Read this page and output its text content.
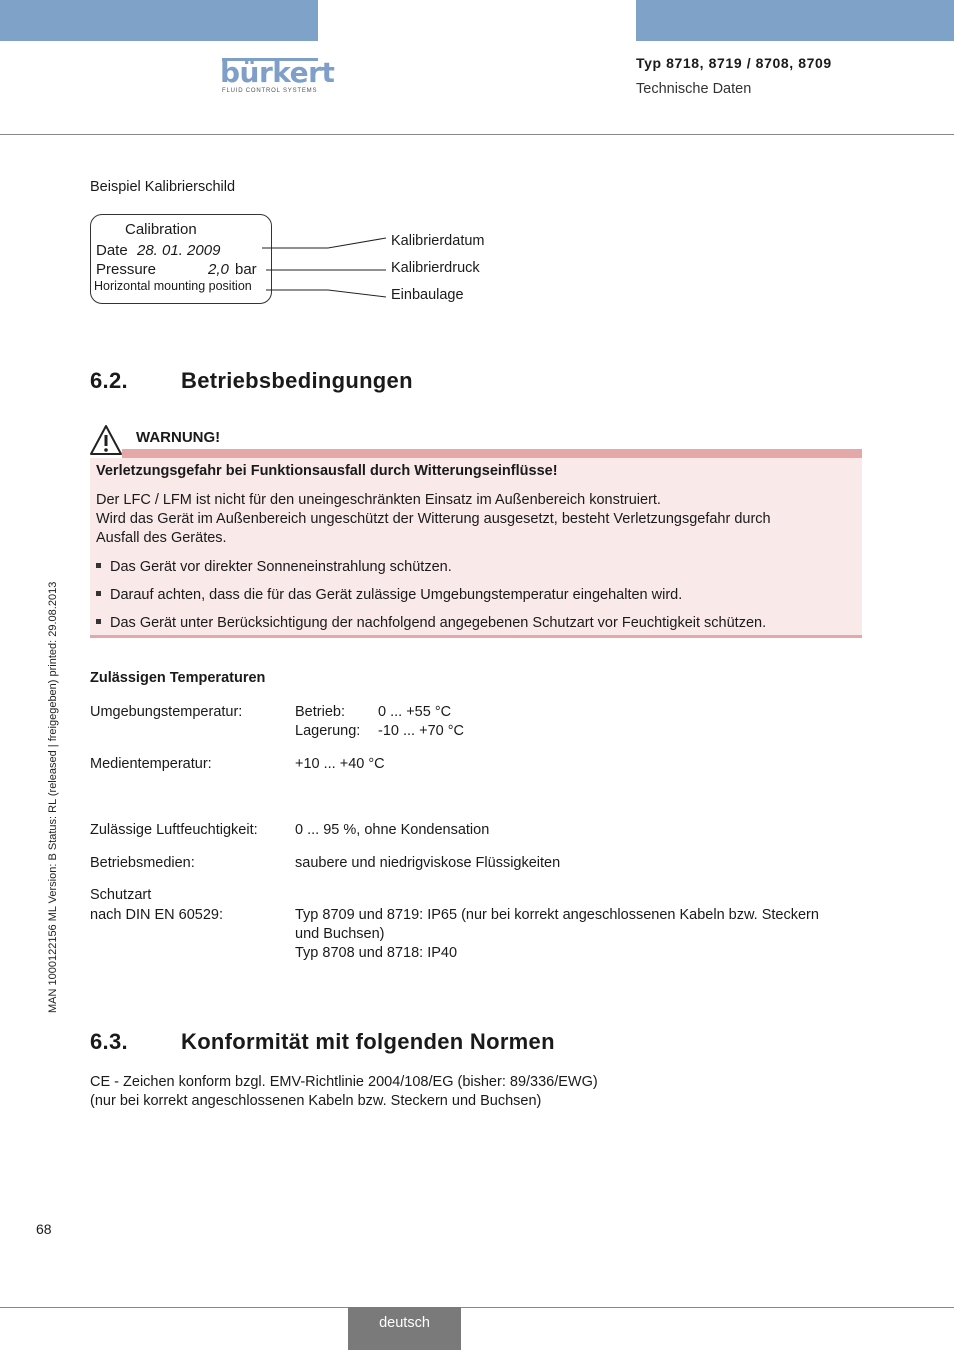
bürkert
FLUID CONTROL SYSTEMS
Typ 8718, 8719 / 8708, 8709
Technische Daten
MAN 1000122156 ML Version: B Status: RL (released | freigegeben) printed: 29.08.2013
Beispiel Kalibrierschild
Calibration
Date 28. 01. 2009
Pressure	2,0 bar
Horizontal mounting position
Kalibrierdatum
Kalibrierdruck
Einbaulage
6.2. Betriebsbedingungen
WARNUNG!
Verletzungsgefahr bei Funktionsausfall durch Witterungseinflüsse!
Der LFC / LFM ist nicht für den uneingeschränkten Einsatz im Außenbereich konstruiert.
Wird das Gerät im Außenbereich ungeschützt der Witterung ausgesetzt, besteht Verletzungsgefahr durch
Ausfall des Gerätes.
Das Gerät vor direkter Sonneneinstrahlung schützen.
Darauf achten, dass die für das Gerät zulässige Umgebungstemperatur eingehalten wird.
Das Gerät unter Berücksichtigung der nachfolgend angegebenen Schutzart vor Feuchtigkeit schützen.
Zulässigen Temperaturen
Umgebungstemperatur:	Betrieb: 0 ... +55 °C
Lagerung: -10 ... +70 °C
Medientemperatur:	+10 ... +40 °C
Zulässige Luftfeuchtigkeit:	0 ... 95 %, ohne Kondensation
Betriebsmedien:	saubere und niedrigviskose Flüssigkeiten
Schutzart
nach DIN EN 60529:	Typ 8709 und 8719: IP65 (nur bei korrekt angeschlossenen Kabeln bzw. Steckern
und Buchsen)
Typ 8708 und 8718: IP40
6.3. Konformität mit folgenden Normen
CE - Zeichen konform bzgl. EMV-Richtlinie 2004/108/EG (bisher: 89/336/EWG)
(nur bei korrekt angeschlossenen Kabeln bzw. Steckern und Buchsen)
68
deutsch
